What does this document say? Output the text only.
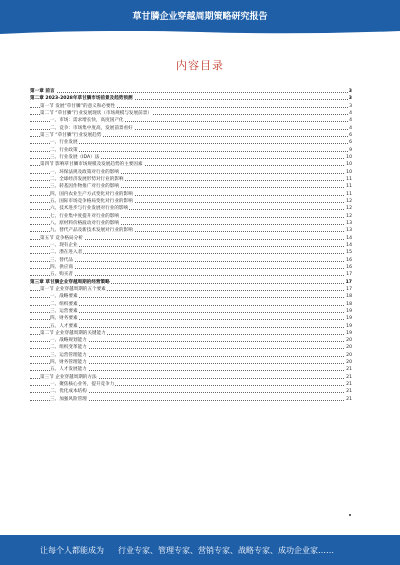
草甘膦企业穿越周期策略研究报告
内容目录
第一章 前言	3
第二章 2023-2028年草甘膦市场前景及趋势预测	3
第一节 发展“草甘膦”的意义和必要性	3
第二节 “草甘膦”行业发展现状（市场规模与发展前景）	4
一、市场：需求增长快，高度国产化	4
二、竞争：市场集中度高，发展前景看好	4
第三节 “草甘膦”行业发展趋势	6
一、行业发展	6
二、行业政策	9
三、行业发展（IDA）法	10
第四节 影响草甘膦市场规模及发展趋势的主要因素	10
一、环保法规及政策对行业的影响	10
二、全球经济发展形势对行业的影响	11
三、转基因作物推广对行业的影响	11
四、国内农业生产方式变化对行业的影响	11
五、国际市场竞争格局变化对行业的影响	12
六、技术进步与行业发展对行业的影响	12
七、行业集中度提升对行业的影响	12
八、原材料价格波动对行业的影响	13
九、替代产品及新技术发展对行业的影响	13
第五节 竞争格局分析	14
一、现有企业	14
二、潜在进入者	15
三、替代品	16
四、供应商	16
五、购买者	17
第三章 草甘膦企业穿越周期的经营策略	17
第一节 企业穿越周期的五个要素	17
一、战略要素	18
二、组织要素	18
三、运营要素	19
四、财务要素	19
五、人才要素	19
第二节 企业穿越周期的关键能力	19
一、战略规划能力	20
二、组织变革能力	20
三、运营管理能力	20
四、财务管理能力	20
五、人才发展能力	21
第三节 企业穿越周期的方法	21
一、聚焦核心业务，提升竞争力	21
二、优化成本结构	21
三、加强风险管理	21
让每个人都能成为 行业专家、管理专家、营销专家、战略专家、成功企业家……
